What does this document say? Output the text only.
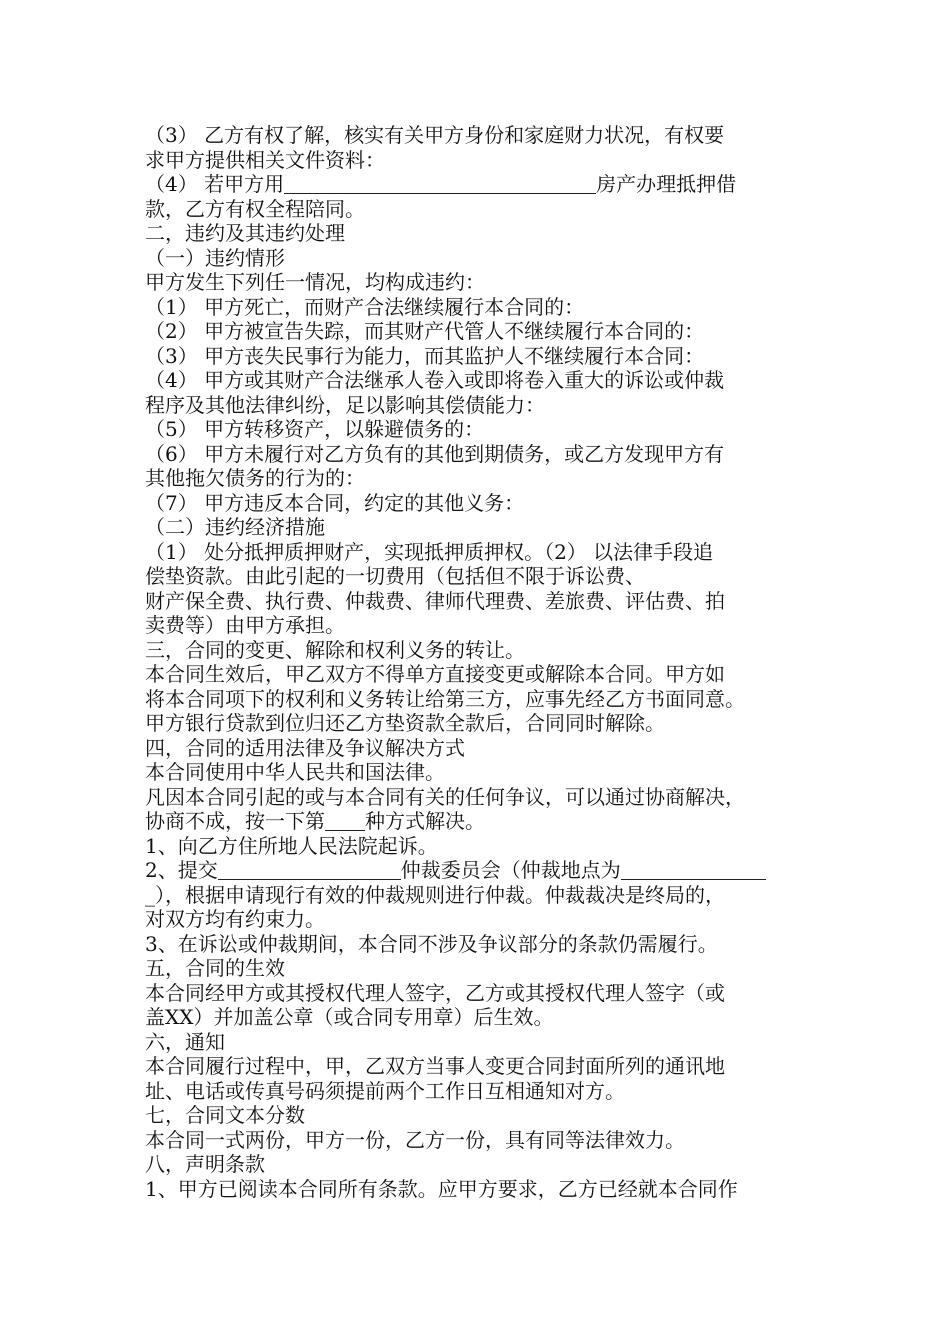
（3） 乙方有权了解，核实有关甲方身份和家庭财力状况，有权要
求甲方提供相关文件资料：
（4） 若甲方用	房产办理抵押借
款，乙方有权全程陪同。
二，违约及其违约处理
（一）违约情形
甲方发生下列任一情况，均构成违约：
（1） 甲方死亡，而财产合法继续履行本合同的：
（2） 甲方被宣告失踪，而其财产代管人不继续履行本合同的：
（3） 甲方丧失民事行为能力，而其监护人不继续履行本合同：
（4） 甲方或其财产合法继承人卷入或即将卷入重大的诉讼或仲裁
程序及其他法律纠纷，足以影响其偿债能力：
（5） 甲方转移资产，以躲避债务的：
（6） 甲方未履行对乙方负有的其他到期债务，或乙方发现甲方有
其他拖欠债务的行为的：
（7） 甲方违反本合同，约定的其他义务：
（二）违约经济措施
（1） 处分抵押质押财产，实现抵押质押权。（2） 以法律手段追
偿垫资款。由此引起的一切费用（包括但不限于诉讼费、
财产保全费、执行费、仲裁费、律师代理费、差旅费、评估费、拍
卖费等）由甲方承担。
三，合同的变更、解除和权利义务的转让。
本合同生效后，甲乙双方不得单方直接变更或解除本合同。甲方如
将本合同项下的权利和义务转让给第三方，应事先经乙方书面同意。
甲方银行贷款到位归还乙方垫资款全款后，合同同时解除。
四，合同的适用法律及争议解决方式
本合同使用中华人民共和国法律。
凡因本合同引起的或与本合同有关的任何争议，可以通过协商解决，
协商不成，按一下第 种方式解决。
1、向乙方住所地人民法院起诉。
2、提交	仲裁委员会（仲裁地点为
_），根据申请现行有效的仲裁规则进行仲裁。仲裁裁决是终局的，
对双方均有约束力。
3、在诉讼或仲裁期间，本合同不涉及争议部分的条款仍需履行。
五，合同的生效
本合同经甲方或其授权代理人签字，乙方或其授权代理人签字（或
盖XX）并加盖公章（或合同专用章）后生效。
六，通知
本合同履行过程中，甲，乙双方当事人变更合同封面所列的通讯地
址、电话或传真号码须提前两个工作日互相通知对方。
七，合同文本分数
本合同一式两份，甲方一份，乙方一份，具有同等法律效力。
八，声明条款
1、甲方已阅读本合同所有条款。应甲方要求，乙方已经就本合同作
